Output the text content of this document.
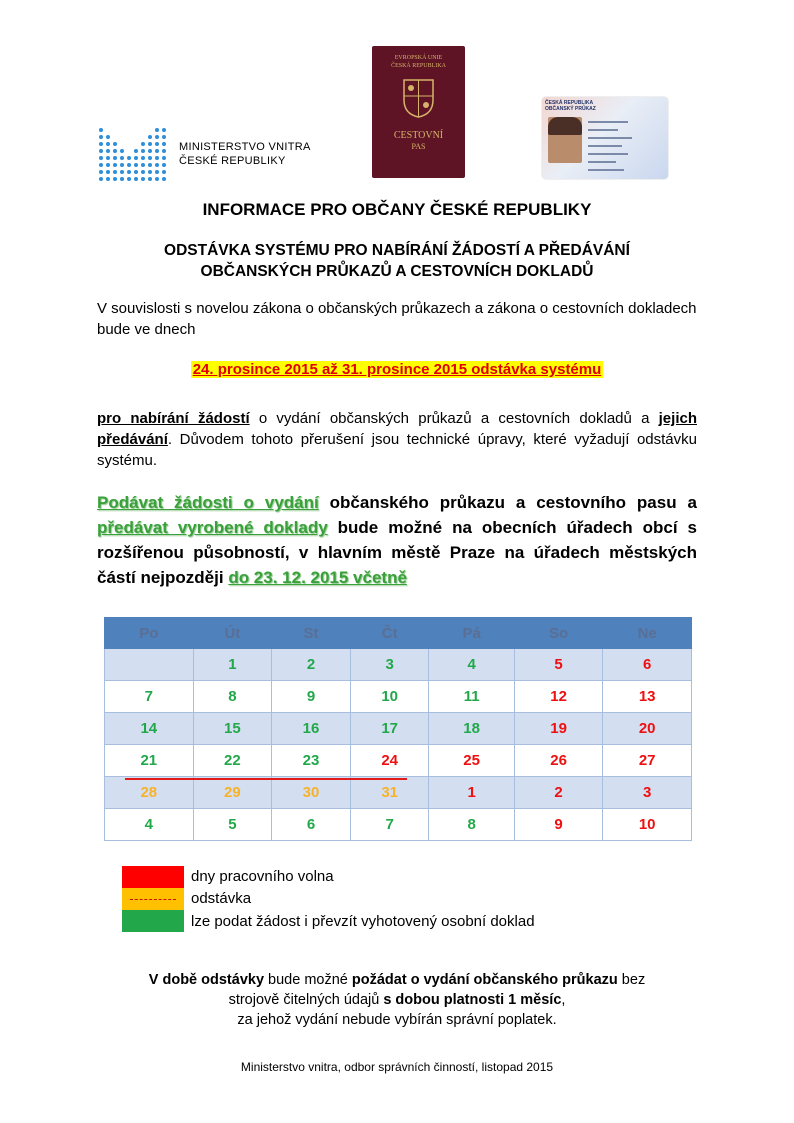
MINISTERSTVO VNITRA
ČESKÉ REPUBLIKY
EVROPSKÁ UNIE
ČESKÁ REPUBLIKA
CESTOVNÍ
PAS
ČESKÁ REPUBLIKA
OBČANSKÝ PRŮKAZ
INFORMACE PRO OBČANY ČESKÉ REPUBLIKY
ODSTÁVKA SYSTÉMU PRO NABÍRÁNÍ ŽÁDOSTÍ A PŘEDÁVÁNÍ
OBČANSKÝCH PRŮKAZŮ A CESTOVNÍCH DOKLADŮ
V souvislosti s novelou zákona o občanských průkazech a zákona o cestovních dokladech bude ve dnech
24. prosince 2015 až 31. prosince 2015 odstávka systému
pro nabírání žádostí o vydání občanských průkazů a cestovních dokladů a jejich předávání. Důvodem tohoto přerušení jsou technické úpravy, které vyžadují odstávku systému.
Podávat žádosti o vydání občanského průkazu a cestovního pasu a předávat vyrobené doklady bude možné na obecních úřadech obcí s rozšířenou působností, v hlavním městě Praze na úřadech městských částí nejpozději do 23. 12. 2015 včetně
Po	Út	St	Čt	Pá	So	Ne
	1	2	3	4	5	6
7	8	9	10	11	12	13
14	15	16	17	18	19	20
21	22	23	24	25	26	27
28	29	30	31	1	2	3
4	5	6	7	8	9	10
dny pracovního volna
odstávka
lze podat žádost i převzít vyhotovený osobní doklad
V době odstávky bude možné požádat o vydání občanského průkazu bez
strojově čitelných údajů s dobou platnosti 1 měsíc,
za jehož vydání nebude vybírán správní poplatek.
Ministerstvo vnitra, odbor správních činností, listopad 2015
